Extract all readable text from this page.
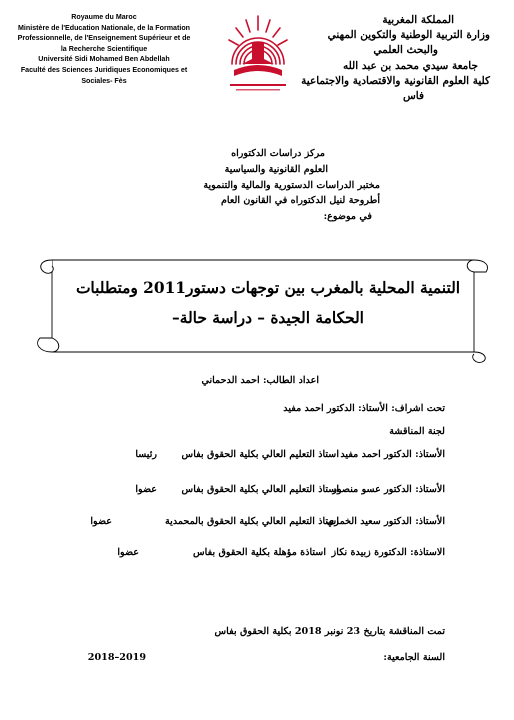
Royaume du Maroc
Ministère de l'Education Nationale, de la Formation
Professionnelle, de l'Enseignement Supérieur et de
la Recherche Scientifique
Université Sidi Mohamed Ben Abdellah
Faculté des Sciences Juridiques Economiques et
Sociales- Fès
المملكة المغربية
وزارة التربية الوطنية والتكوين المهني
والبحث العلمي
جامعة سيدي محمد بن عبد الله
كلية العلوم القانونية والاقتصادية والاجتماعية
فاس
مركز دراسات الدكتوراه
العلوم القانونية والسياسية
مختبر الدراسات الدستورية والمالية والتنموية
أطروحة لنيل الدكتوراه في القانون العام
في موضوع:
التنمية المحلية بالمغرب بين توجهات دستور2011 ومتطلبات
الحكامة الجيدة – دراسة حالة–
اعداد الطالب: احمد الدحماني
تحت اشراف: الأستاذ: الدكتور احمد مفيد
لجنة المناقشة
الأستاذ: الدكتور احمد مفيد
استاذ التعليم العالي بكلية الحقوق بفاس
رئيسا
الأستاذ: الدكتور عسو منصور
استاذ التعليم العالي بكلية الحقوق بفاس
عضوا
الأستاذ: الدكتور سعيد الخمري
استاذ التعليم العالي بكلية الحقوق بالمحمدية
عضوا
الاستاذة: الدكتورة زبيدة نكاز
استاذة مؤهلة بكلية الحقوق بفاس
عضوا
تمت المناقشة بتاريخ 23 نونبر 2018 بكلية الحقوق بفاس
السنة الجامعية:
2018–2019
